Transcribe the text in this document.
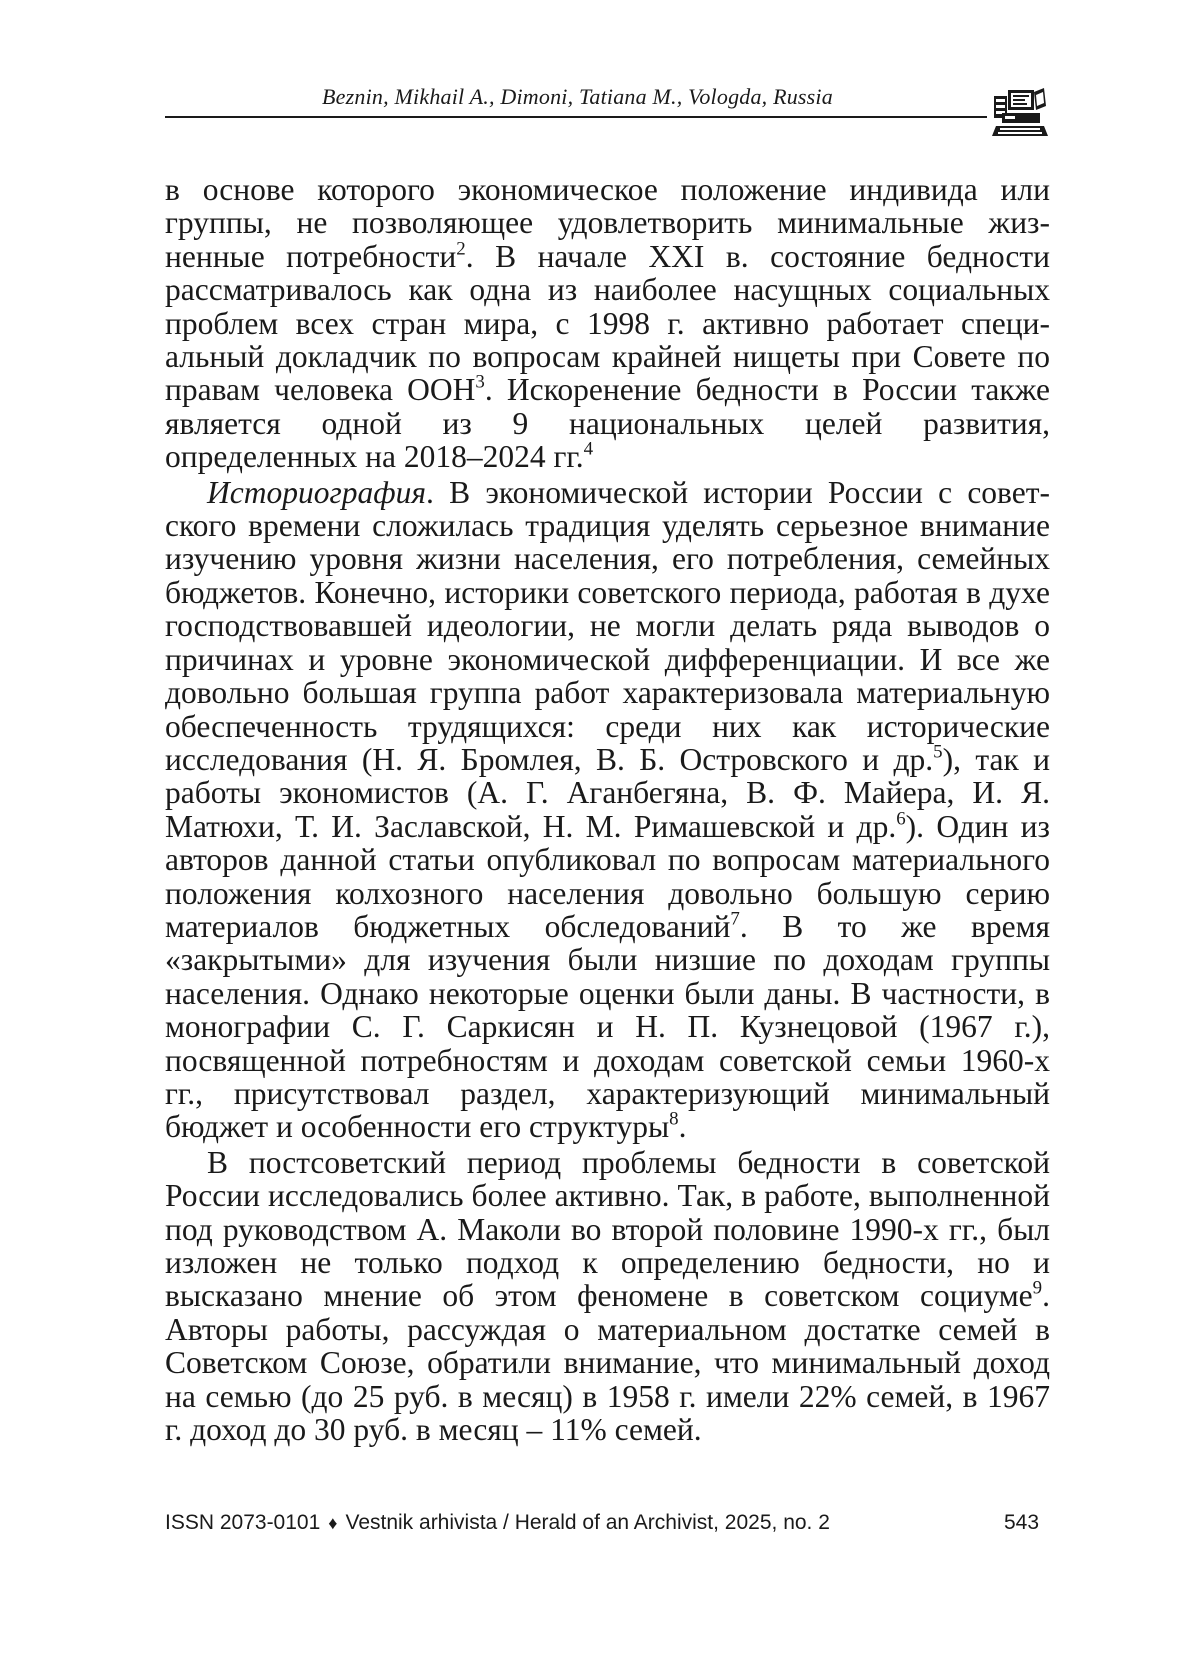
Beznin, Mikhail A., Dimoni, Tatiana M., Vologda, Russia

в основе которого экономическое положение индивида или группы, не позволяющее удовлетворить минимальные жизненные потребности$^2$. В начале XXI в. состояние бедности рассматривалось как одна из наиболее насущных социальных проблем всех стран мира, с 1998 г. активно работает специальный докладчик по вопросам крайней нищеты при Совете по правам человека ООН$^3$. Искоренение бедности в России также является одной из 9 национальных целей развития, определенных на 2018–2024 гг.$^4$

Историография. В экономической истории России с советского времени сложилась традиция уделять серьезное внимание изучению уровня жизни населения, его потребления, семейных бюджетов. Конечно, историки советского периода, работая в духе господствовавшей идеологии, не могли делать ряда выводов о причинах и уровне экономической дифференциации. И все же довольно большая группа работ характеризовала материальную обеспеченность трудящихся: среди них как исторические исследования (Н. Я. Бромлея, В. Б. Островского и др.$^5$), так и работы экономистов (А. Г. Аганбегяна, В. Ф. Майера, И. Я. Матюхи, Т. И. Заславской, Н. М. Римашевской и др.$^6$). Один из авторов данной статьи опубликовал по вопросам материального положения колхозного населения довольно большую серию материалов бюджетных обследований$^7$. В то же время «закрытыми» для изучения были низшие по доходам группы населения. Однако некоторые оценки были даны. В частности, в монографии С. Г. Саркисян и Н. П. Кузнецовой (1967 г.), посвященной потребностям и доходам советской семьи 1960-х гг., присутствовал раздел, характеризующий минимальный бюджет и особенности его структуры$^8$.

В постсоветский период проблемы бедности в советской России исследовались более активно. Так, в работе, выполненной под руководством А. Маколи во второй половине 1990-х гг., был изложен не только подход к определению бедности, но и высказано мнение об этом феномене в советском социуме$^9$. Авторы работы, рассуждая о материальном достатке семей в Советском Союзе, обратили внимание, что минимальный доход на семью (до 25 руб. в месяц) в 1958 г. имели 22% семей, в 1967 г. доход до 30 руб. в месяц – 11% семей.

ISSN 2073-0101 ♦ Vestnik arhivista / Herald of an Archivist, 2025, no. 2	543
